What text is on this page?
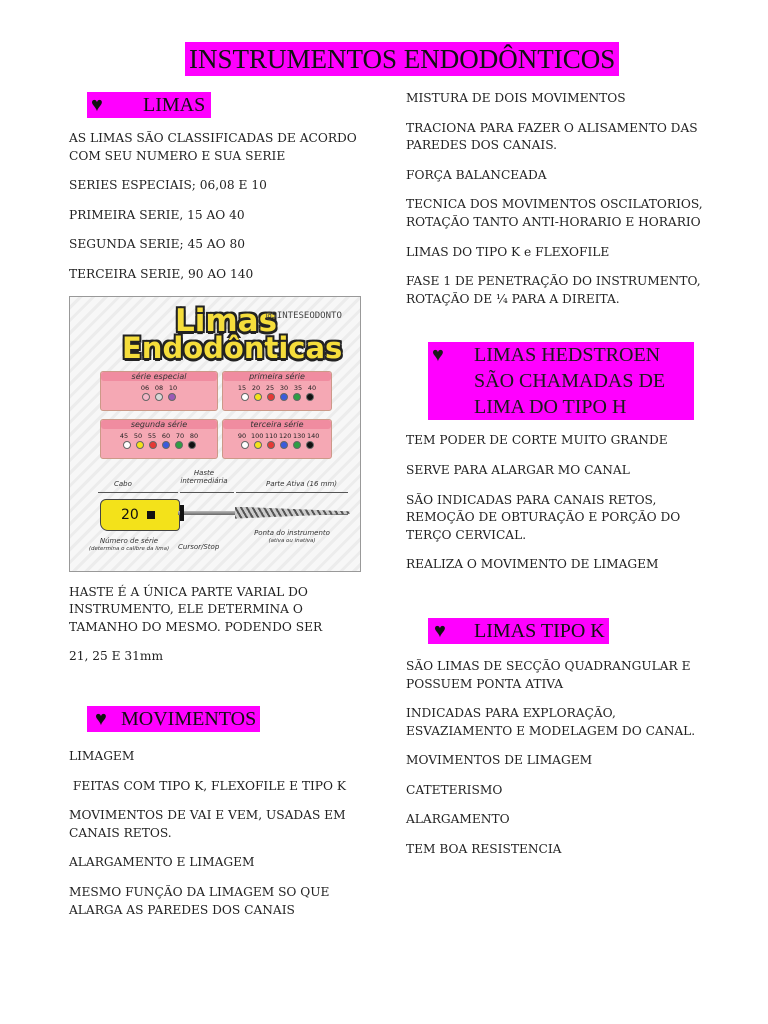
INSTRUMENTOS ENDODÔNTICOS
♥ LIMAS

AS LIMAS SÃO CLASSIFICADAS DE ACORDO COM SEU NUMERO E SUA SERIE

SERIES ESPECIAIS; 06,08 E 10

PRIMEIRA SERIE, 15 AO 40

SEGUNDA SERIE; 45 AO 80

TERCEIRA SERIE, 90 AO 140

Limas
Endodônticas
@SINTESEODONTO
série especial
06 08 10
primeira série
15 20 25 30 35 40
segunda série
45 50 55 60 70 80
terceira série
90 100 110 120 130 140
Cabo
Haste intermediária	Parte Ativa (16 mm)
20
Número de série
(determina o calibre da lima)	Cursor/Stop
Ponta do instrumento
(ativa ou inativa)

HASTE É A ÚNICA PARTE VARIAL DO INSTRUMENTO, ELE DETERMINA O TAMANHO DO MESMO. PODENDO SER

21, 25 E 31mm

♥ MOVIMENTOS

LIMAGEM

FEITAS COM TIPO K, FLEXOFILE E TIPO K

MOVIMENTOS DE VAI E VEM, USADAS EM CANAIS RETOS.

ALARGAMENTO E LIMAGEM

MESMO FUNÇÃO DA LIMAGEM SO QUE ALARGA AS PAREDES DOS CANAIS

MISTURA DE DOIS MOVIMENTOS

TRACIONA PARA FAZER O ALISAMENTO DAS PAREDES DOS CANAIS.

FORÇA BALANCEADA

TECNICA DOS MOVIMENTOS OSCILATORIOS, ROTAÇÃO TANTO ANTI-HORARIO E HORARIO

LIMAS DO TIPO K e FLEXOFILE

FASE 1 DE PENETRAÇÃO DO INSTRUMENTO, ROTAÇÃO DE ¼ PARA A DIREITA.

♥ LIMAS HEDSTROEN SÃO CHAMADAS DE LIMA DO TIPO H

TEM PODER DE CORTE MUITO GRANDE

SERVE PARA ALARGAR MO CANAL

SÃO INDICADAS PARA CANAIS RETOS, REMOÇÃO DE OBTURAÇÃO E PORÇÃO DO TERÇO CERVICAL.

REALIZA O MOVIMENTO DE LIMAGEM

♥ LIMAS TIPO K

SÃO LIMAS DE SECÇÃO QUADRANGULAR E POSSUEM PONTA ATIVA

INDICADAS PARA EXPLORAÇÃO, ESVAZIAMENTO E MODELAGEM DO CANAL.

MOVIMENTOS DE LIMAGEM

CATETERISMO

ALARGAMENTO

TEM BOA RESISTENCIA
